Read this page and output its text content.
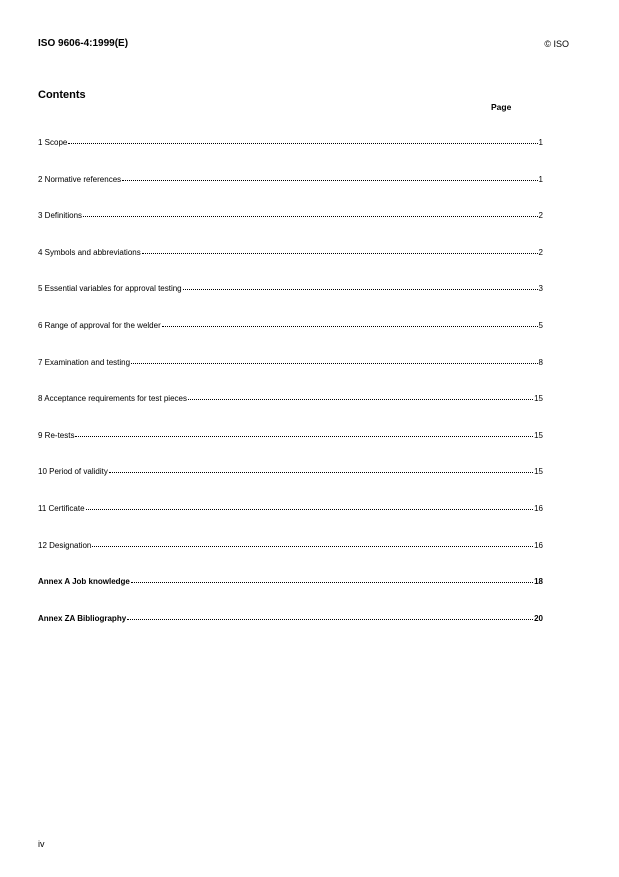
ISO 9606-4:1999(E)	© ISO
Contents
Page
1 Scope	1
2 Normative references	1
3 Definitions	2
4 Symbols and abbreviations	2
5 Essential variables for approval testing	3
6 Range of approval for the welder	5
7 Examination and testing	8
8 Acceptance requirements for test pieces	15
9 Re-tests	15
10 Period of validity	15
11 Certificate	16
12 Designation	16
Annex A Job knowledge	18
Annex ZA Bibliography	20
iv
